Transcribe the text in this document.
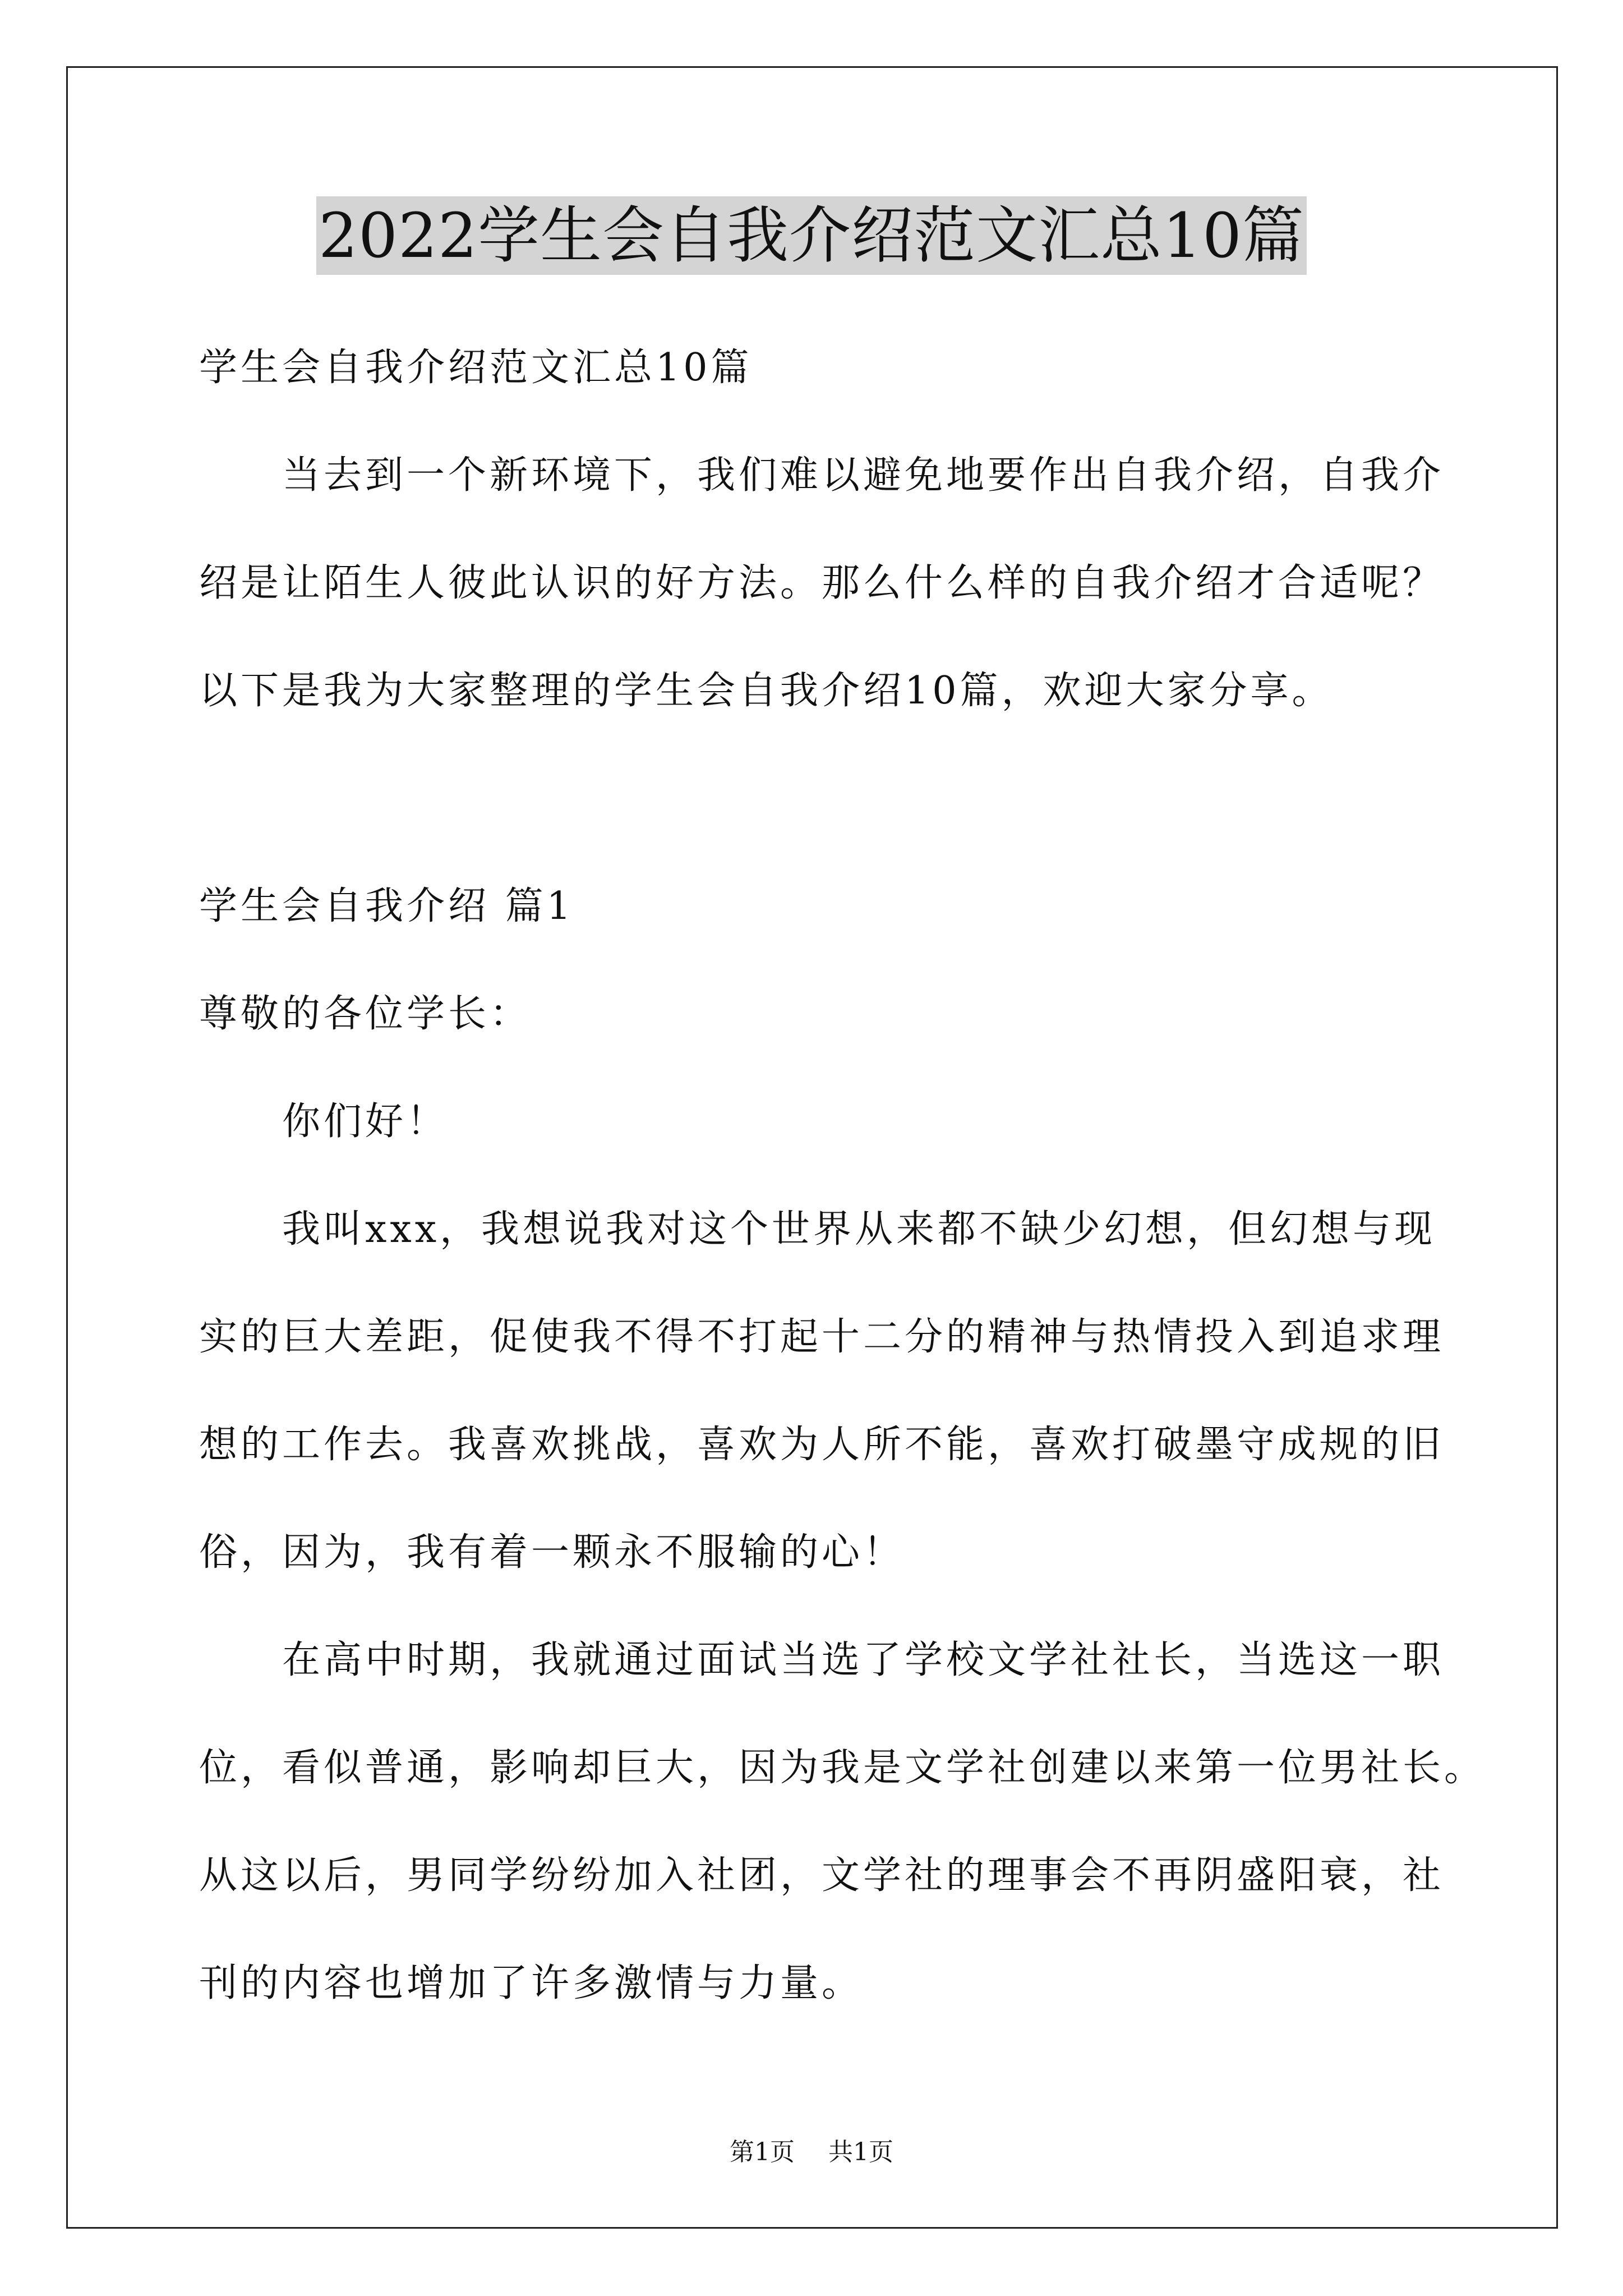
2022学生会自我介绍范文汇总10篇
学生会自我介绍范文汇总10篇
当去到一个新环境下，我们难以避免地要作出自我介绍，自我介
绍是让陌生人彼此认识的好方法。那么什么样的自我介绍才合适呢？
以下是我为大家整理的学生会自我介绍10篇，欢迎大家分享。
学生会自我介绍 篇1
尊敬的各位学长：
你们好！
我叫xxx，我想说我对这个世界从来都不缺少幻想，但幻想与现
实的巨大差距，促使我不得不打起十二分的精神与热情投入到追求理
想的工作去。我喜欢挑战，喜欢为人所不能，喜欢打破墨守成规的旧
俗，因为，我有着一颗永不服输的心！
在高中时期，我就通过面试当选了学校文学社社长，当选这一职
位，看似普通，影响却巨大，因为我是文学社创建以来第一位男社长。
从这以后，男同学纷纷加入社团，文学社的理事会不再阴盛阳衰，社
刊的内容也增加了许多激情与力量。
第1页 共1页
